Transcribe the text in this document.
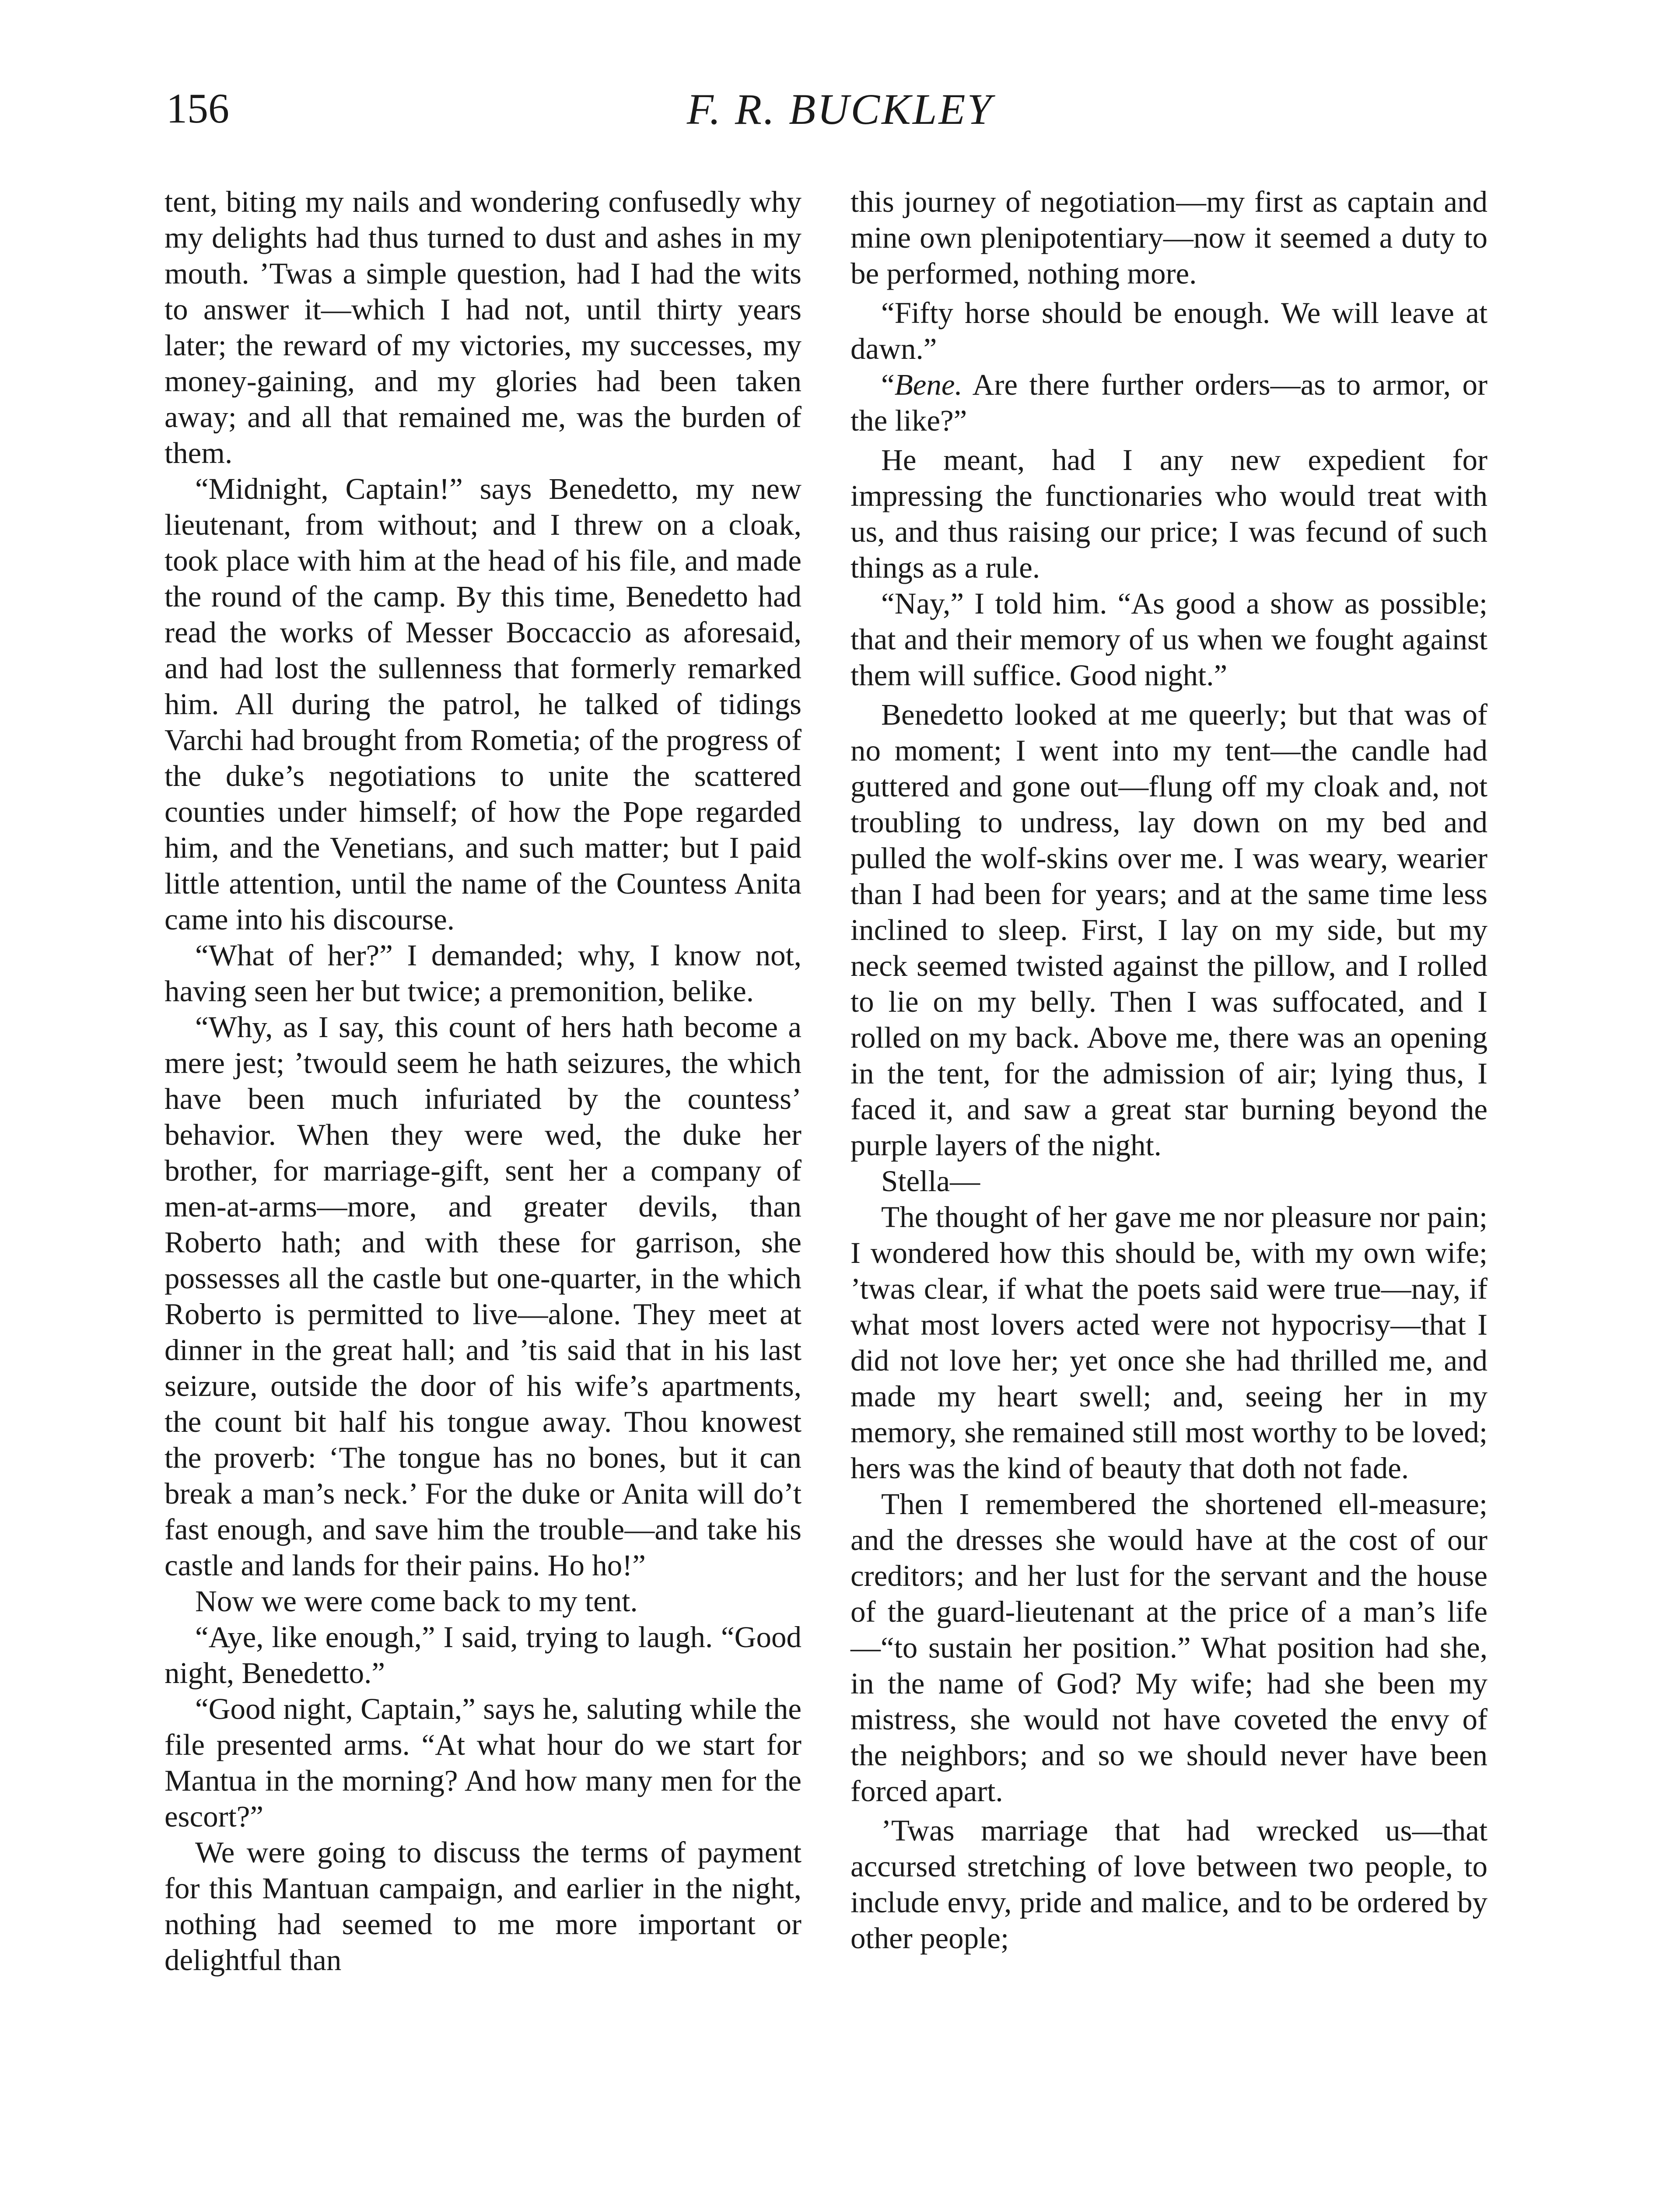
156	F. R. BUCKLEY

tent, biting my nails and wondering confusedly why my delights had thus turned to dust and ashes in my mouth. ’Twas a simple question, had I had the wits to answer it—which I had not, until thirty years later; the reward of my victories, my successes, my money-gaining, and my glories had been taken away; and all that remained me, was the burden of them.

“Midnight, Captain!” says Benedetto, my new lieutenant, from without; and I threw on a cloak, took place with him at the head of his file, and made the round of the camp. By this time, Benedetto had read the works of Messer Boccaccio as aforesaid, and had lost the sullenness that formerly remarked him. All during the patrol, he talked of tidings Varchi had brought from Rometia; of the progress of the duke’s negotiations to unite the scattered counties under himself; of how the Pope regarded him, and the Venetians, and such matter; but I paid little attention, until the name of the Countess Anita came into his discourse.

“What of her?” I demanded; why, I know not, having seen her but twice; a premonition, belike.

“Why, as I say, this count of hers hath become a mere jest; ’twould seem he hath seizures, the which have been much infuriated by the countess’ behavior. When they were wed, the duke her brother, for marriage-gift, sent her a company of men-at-arms—more, and greater devils, than Roberto hath; and with these for garrison, she possesses all the castle but one-quarter, in the which Roberto is permitted to live—alone. They meet at dinner in the great hall; and ’tis said that in his last seizure, outside the door of his wife’s apartments, the count bit half his tongue away. Thou knowest the proverb: ‘The tongue has no bones, but it can break a man’s neck.’ For the duke or Anita will do’t fast enough, and save him the trouble—and take his castle and lands for their pains. Ho ho!”

Now we were come back to my tent.

“Aye, like enough,” I said, trying to laugh. “Good night, Benedetto.”

“Good night, Captain,” says he, saluting while the file presented arms. “At what hour do we start for Mantua in the morning? And how many men for the escort?”

We were going to discuss the terms of payment for this Mantuan campaign, and earlier in the night, nothing had seemed to me more important or delightful than

this journey of negotiation—my first as captain and mine own plenipotentiary—now it seemed a duty to be performed, nothing more.

“Fifty horse should be enough. We will leave at dawn.”

“Bene. Are there further orders—as to armor, or the like?”

He meant, had I any new expedient for impressing the functionaries who would treat with us, and thus raising our price; I was fecund of such things as a rule.

“Nay,” I told him. “As good a show as possible; that and their memory of us when we fought against them will suffice. Good night.”

Benedetto looked at me queerly; but that was of no moment; I went into my tent—the candle had guttered and gone out—flung off my cloak and, not troubling to undress, lay down on my bed and pulled the wolf-skins over me. I was weary, wearier than I had been for years; and at the same time less inclined to sleep. First, I lay on my side, but my neck seemed twisted against the pillow, and I rolled to lie on my belly. Then I was suffocated, and I rolled on my back. Above me, there was an opening in the tent, for the admission of air; lying thus, I faced it, and saw a great star burning beyond the purple layers of the night.

Stella—

The thought of her gave me nor pleasure nor pain; I wondered how this should be, with my own wife; ’twas clear, if what the poets said were true—nay, if what most lovers acted were not hypocrisy—that I did not love her; yet once she had thrilled me, and made my heart swell; and, seeing her in my memory, she remained still most worthy to be loved; hers was the kind of beauty that doth not fade.

Then I remembered the shortened ell-measure; and the dresses she would have at the cost of our creditors; and her lust for the servant and the house of the guard-lieutenant at the price of a man’s life—“to sustain her position.” What position had she, in the name of God? My wife; had she been my mistress, she would not have coveted the envy of the neighbors; and so we should never have been forced apart.

’Twas marriage that had wrecked us—that accursed stretching of love between two people, to include envy, pride and malice, and to be ordered by other people;
